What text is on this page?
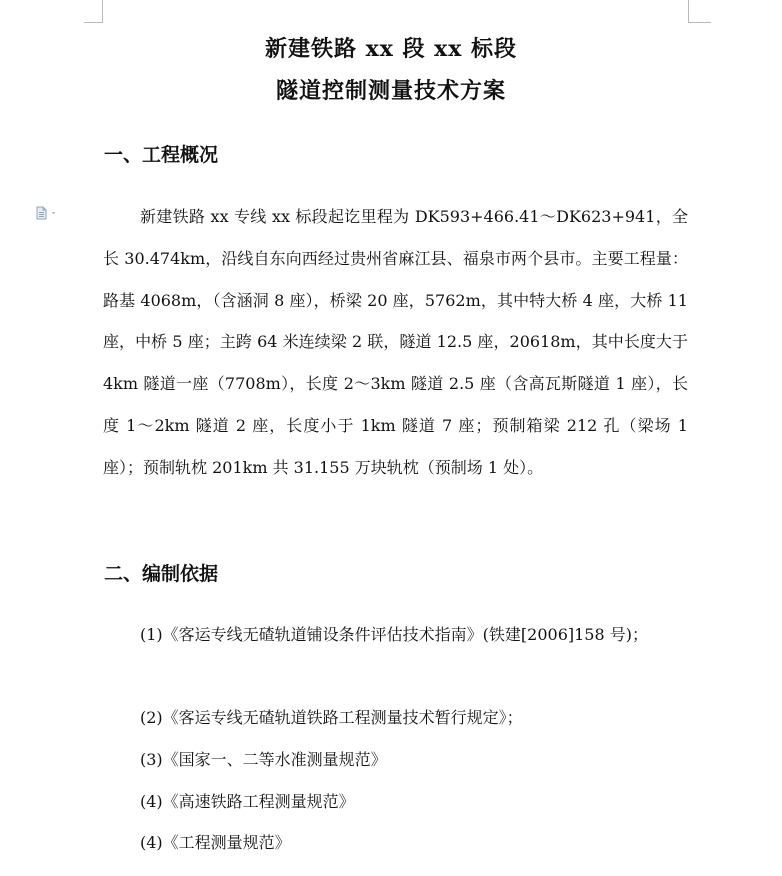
新建铁路 xx 段 xx 标段
隧道控制测量技术方案
一、工程概况

新建铁路 xx 专线 xx 标段起讫里程为 DK593+466.41～DK623+941，全长 30.474km，沿线自东向西经过贵州省麻江县、福泉市两个县市。主要工程量：路基 4068m，（含涵洞 8 座），桥梁 20 座，5762m，其中特大桥 4 座，大桥 11 座，中桥 5 座；主跨 64 米连续梁 2 联，隧道 12.5 座，20618m，其中长度大于 4km 隧道一座（7708m），长度 2～3km 隧道 2.5 座（含高瓦斯隧道 1 座），长度 1～2km 隧道 2 座，长度小于 1km 隧道 7 座；预制箱梁 212 孔（梁场 1 座）；预制轨枕 201km 共 31.155 万块轨枕（预制场 1 处）。

二、编制依据

(1)《客运专线无碴轨道铺设条件评估技术指南》(铁建[2006]158 号)；

(2)《客运专线无碴轨道铁路工程测量技术暂行规定》；

(3)《国家一、二等水准测量规范》

(4)《高速铁路工程测量规范》

(4)《工程测量规范》
